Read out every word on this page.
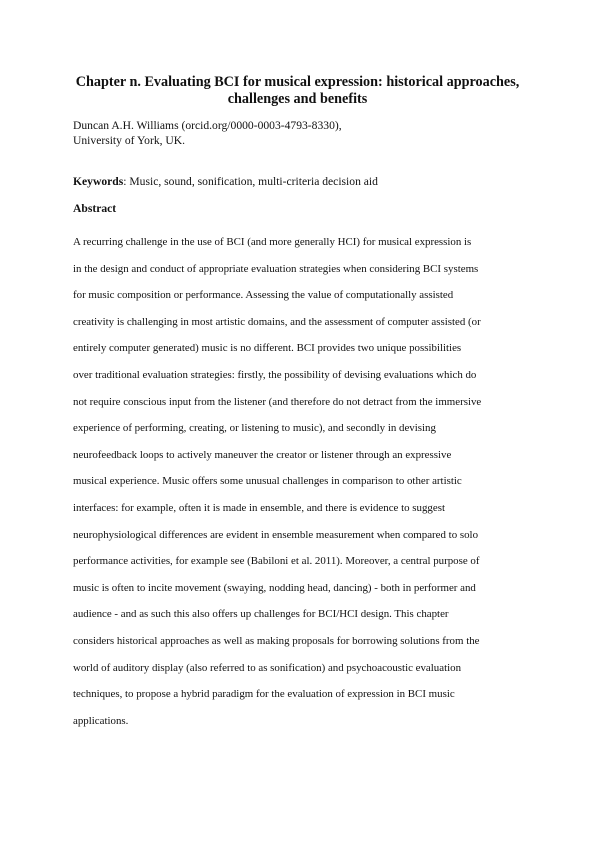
Chapter n. Evaluating BCI for musical expression: historical approaches,
challenges and benefits
Duncan A.H. Williams (orcid.org/0000-0003-4793-8330),
University of York, UK.
Keywords: Music, sound, sonification, multi-criteria decision aid
Abstract
A recurring challenge in the use of BCI (and more generally HCI) for musical expression is
in the design and conduct of appropriate evaluation strategies when considering BCI systems
for music composition or performance. Assessing the value of computationally assisted
creativity is challenging in most artistic domains, and the assessment of computer assisted (or
entirely computer generated) music is no different. BCI provides two unique possibilities
over traditional evaluation strategies: firstly, the possibility of devising evaluations which do
not require conscious input from the listener (and therefore do not detract from the immersive
experience of performing, creating, or listening to music), and secondly in devising
neurofeedback loops to actively maneuver the creator or listener through an expressive
musical experience. Music offers some unusual challenges in comparison to other artistic
interfaces: for example, often it is made in ensemble, and there is evidence to suggest
neurophysiological differences are evident in ensemble measurement when compared to solo
performance activities, for example see (Babiloni et al. 2011). Moreover, a central purpose of
music is often to incite movement (swaying, nodding head, dancing) - both in performer and
audience - and as such this also offers up challenges for BCI/HCI design. This chapter
considers historical approaches as well as making proposals for borrowing solutions from the
world of auditory display (also referred to as sonification) and psychoacoustic evaluation
techniques, to propose a hybrid paradigm for the evaluation of expression in BCI music
applications.
